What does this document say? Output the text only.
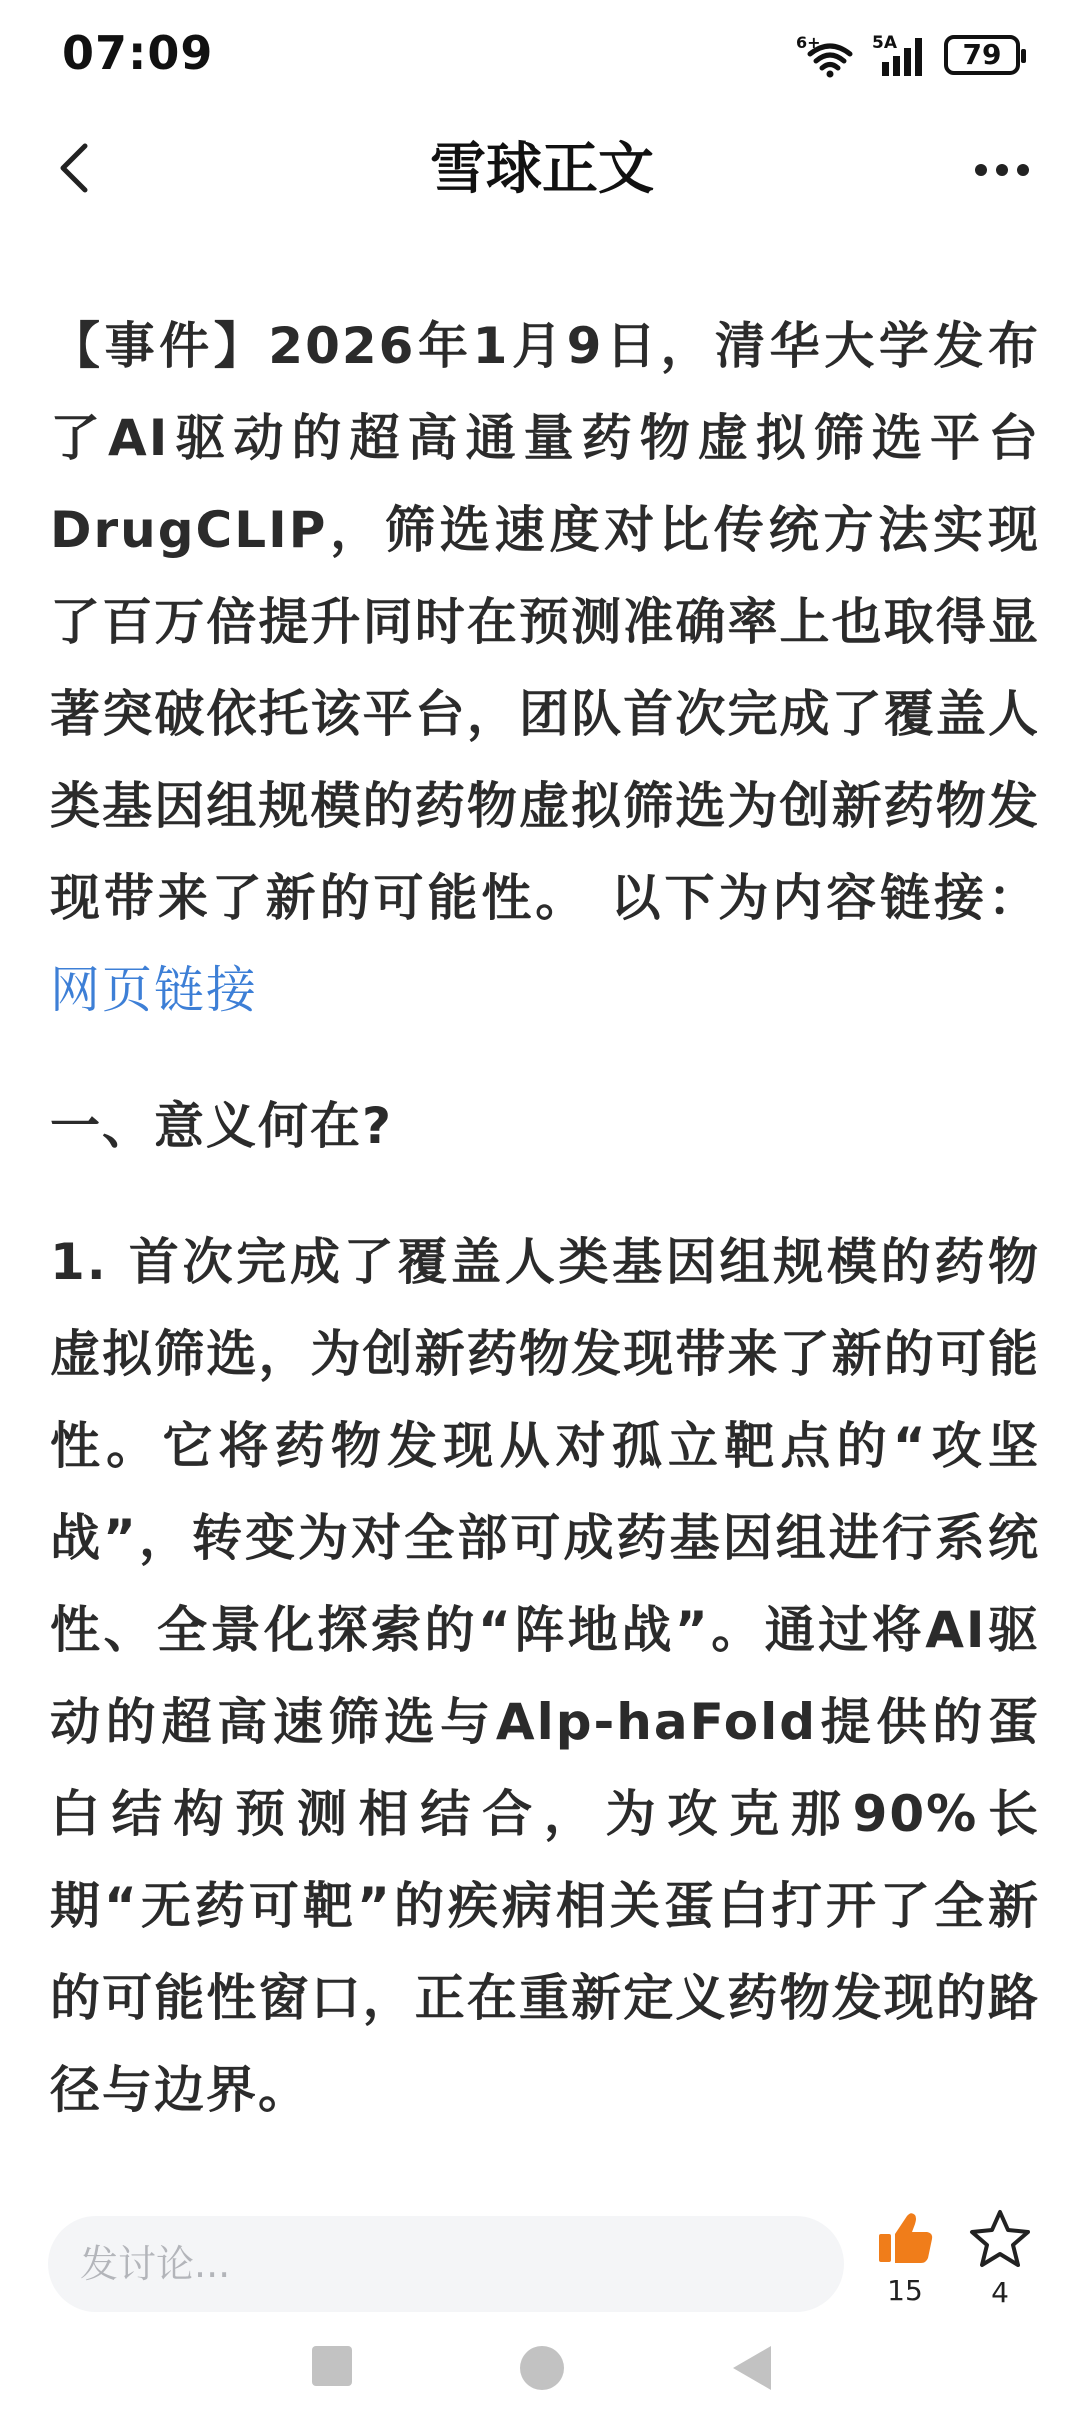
07:09	6+	5A 79
雪球正文

【事件】2026年1月9日，清华大学发布了AI驱动的超高通量药物虚拟筛选平台DrugCLIP，筛选速度对比传统方法实现了百万倍提升同时在预测准确率上也取得显著突破依托该平台，团队首次完成了覆盖人类基因组规模的药物虚拟筛选为创新药物发现带来了新的可能性。 以下为内容链接：网页链接

一、意义何在?

1. 首次完成了覆盖人类基因组规模的药物虚拟筛选，为创新药物发现带来了新的可能性。它将药物发现从对孤立靶点的“攻坚战”，转变为对全部可成药基因组进行系统性、全景化探索的“阵地战”。通过将AI驱动的超高速筛选与Alp-haFold提供的蛋白结构预测相结合，为攻克那90%长期“无药可靶”的疾病相关蛋白打开了全新的可能性窗口，正在重新定义药物发现的路径与边界。

发讨论...
15	4
